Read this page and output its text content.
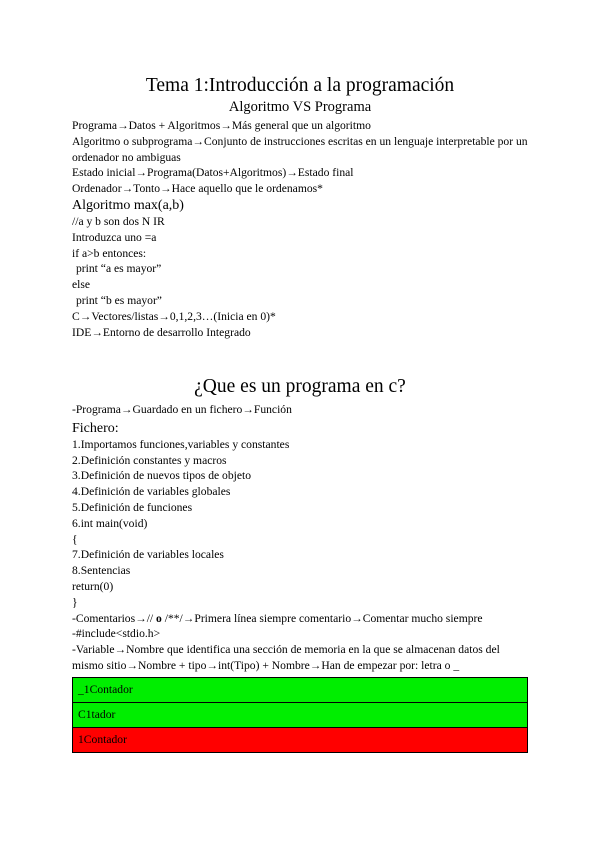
Tema 1:Introducción a la programación
Algoritmo VS Programa
Programa→Datos + Algoritmos→Más general que un algoritmo
Algoritmo o subprograma→Conjunto de instrucciones escritas en un lenguaje interpretable por un ordenador no ambiguas
Estado inicial→Programa(Datos+Algoritmos)→Estado final
Ordenador→Tonto→Hace aquello que le ordenamos*
Algoritmo max(a,b)
//a y b son dos N IR
Introduzca uno =a
if a>b entonces:
print “a es mayor”
else
print “b es mayor”
C→Vectores/listas→0,1,2,3…(Inicia en 0)*
IDE→Entorno de desarrollo Integrado
¿Que es un programa en c?
-Programa→Guardado en un fichero→Función
Fichero:
1.Importamos funciones,variables y constantes
2.Definición constantes y macros
3.Definición de nuevos tipos de objeto
4.Definición de variables globales
5.Definición de funciones
6.int main(void)
{
7.Definición de variables locales
8.Sentencias
return(0)
}
-Comentarios→// o /**/→Primera línea siempre comentario→Comentar mucho siempre
-#include<stdio.h>
-Variable→Nombre que identifica una sección de memoria en la que se almacenan datos del mismo sitio→Nombre + tipo→int(Tipo) + Nombre→Han de empezar por: letra o _
_1Contador
C1tador
1Contador
